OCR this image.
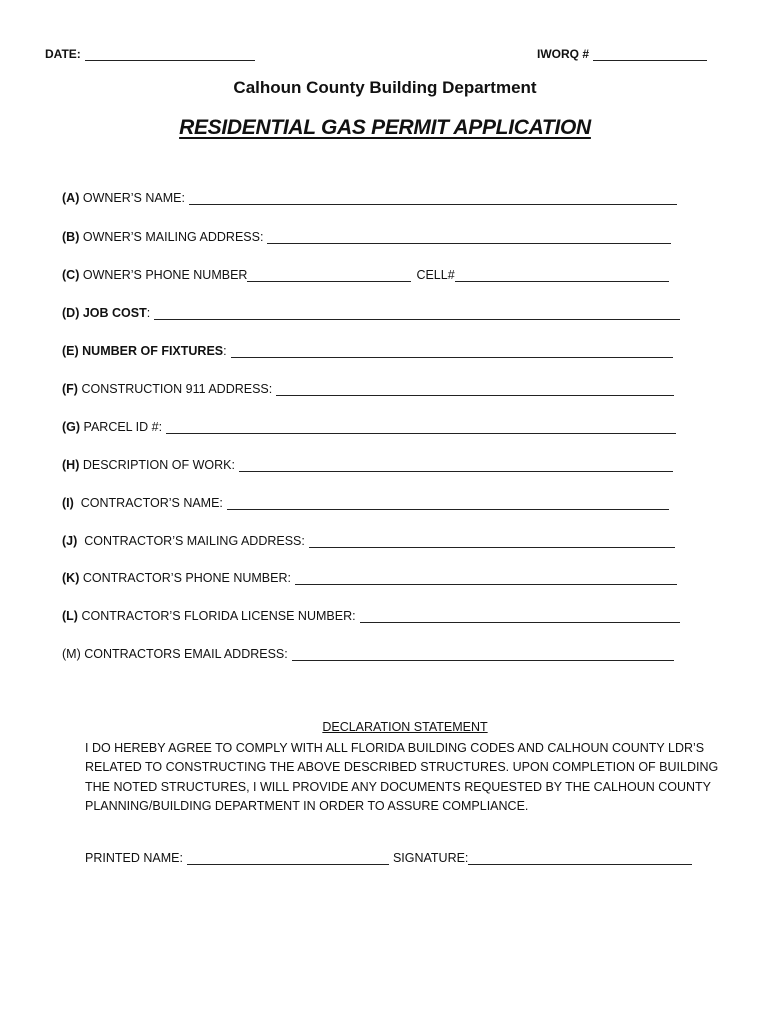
DATE:	IWORQ #
Calhoun County Building Department
RESIDENTIAL GAS PERMIT APPLICATION
(A)
OWNER’S NAME:
(B)
OWNER’S MAILING ADDRESS:
(C)
OWNER’S PHONE NUMBER	CELL#
(D)
JOB COST :
(E)
NUMBER OF FIXTURES :
(F)
CONSTRUCTION 911 ADDRESS:
(G)
PARCEL ID #:
(H)
DESCRIPTION OF WORK:
(I)
CONTRACTOR’S NAME:
(J)
CONTRACTOR’S MAILING ADDRESS:
(K)
CONTRACTOR’S PHONE NUMBER:
(L)
CONTRACTOR’S FLORIDA LICENSE NUMBER:
(M)
CONTRACTORS EMAIL ADDRESS:
DECLARATION STATEMENT
I DO HEREBY AGREE TO COMPLY WITH ALL FLORIDA BUILDING CODES AND CALHOUN COUNTY LDR’S
RELATED TO CONSTRUCTING THE ABOVE DESCRIBED STRUCTURES. UPON COMPLETION OF BUILDING
THE NOTED STRUCTURES, I WILL PROVIDE ANY DOCUMENTS REQUESTED BY THE CALHOUN COUNTY
PLANNING/BUILDING DEPARTMENT IN ORDER TO ASSURE COMPLIANCE.
PRINTED NAME:	SIGNATURE:
